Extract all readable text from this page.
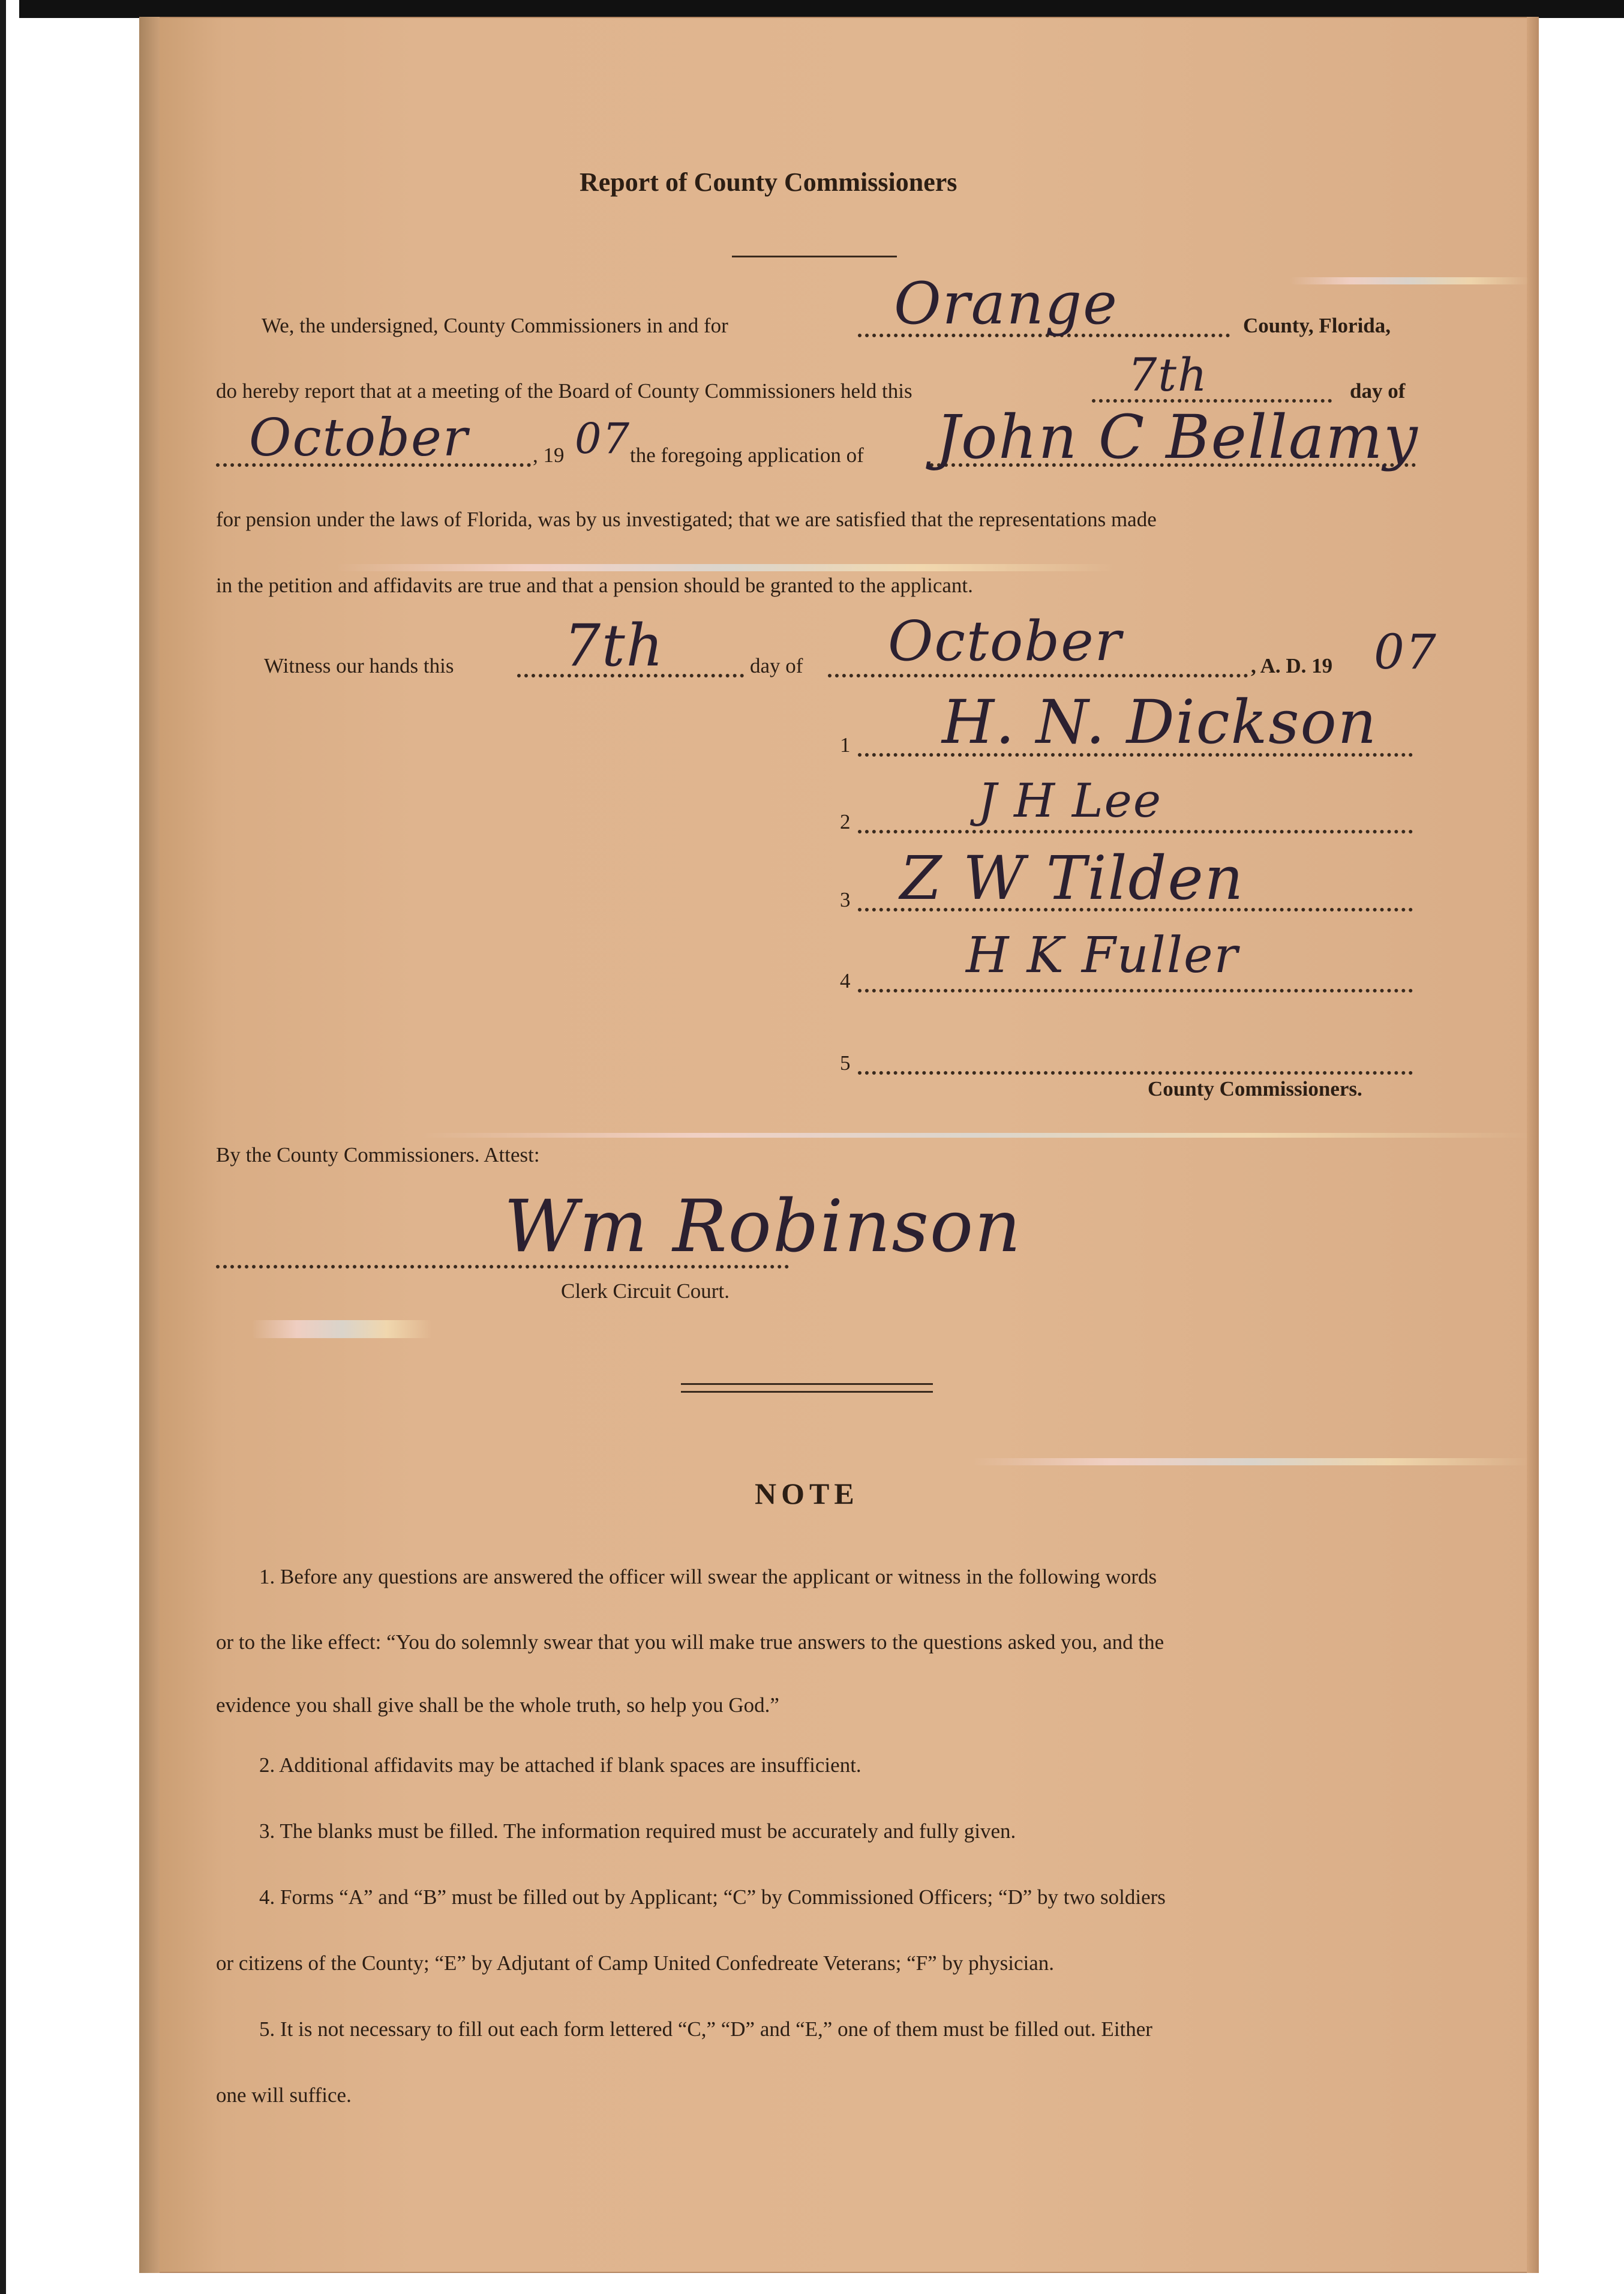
Report of County Commissioners
We, the undersigned, County Commissioners in and for	Orange	County, Florida,
do hereby report that at a meeting of the Board of County Commissioners held this	7th	day of
October	, 19 07
the foregoing application of John C Bellamy
for pension under the laws of Florida, was by us investigated; that we are satisfied that the representations made
in the petition and affidavits are true and that a pension should be granted to the applicant.
Witness our hands this 7th	day of October	, A. D. 19 07
1 H. N. Dickson
2	J H Lee
3 Z W Tilden
4 H K Fuller
5
County Commissioners.
By the County Commissioners. Attest:
Wm Robinson
Clerk Circuit Court.
NOTE
1. Before any questions are answered the officer will swear the applicant or witness in the following words
or to the like effect: “You do solemnly swear that you will make true answers to the questions asked you, and the
evidence you shall give shall be the whole truth, so help you God.”
2. Additional affidavits may be attached if blank spaces are insufficient.
3. The blanks must be filled. The information required must be accurately and fully given.
4. Forms “A” and “B” must be filled out by Applicant; “C” by Commissioned Officers; “D” by two soldiers
or citizens of the County; “E” by Adjutant of Camp United Confedreate Veterans; “F” by physician.
5. It is not necessary to fill out each form lettered “C,” “D” and “E,” one of them must be filled out. Either
one will suffice.
